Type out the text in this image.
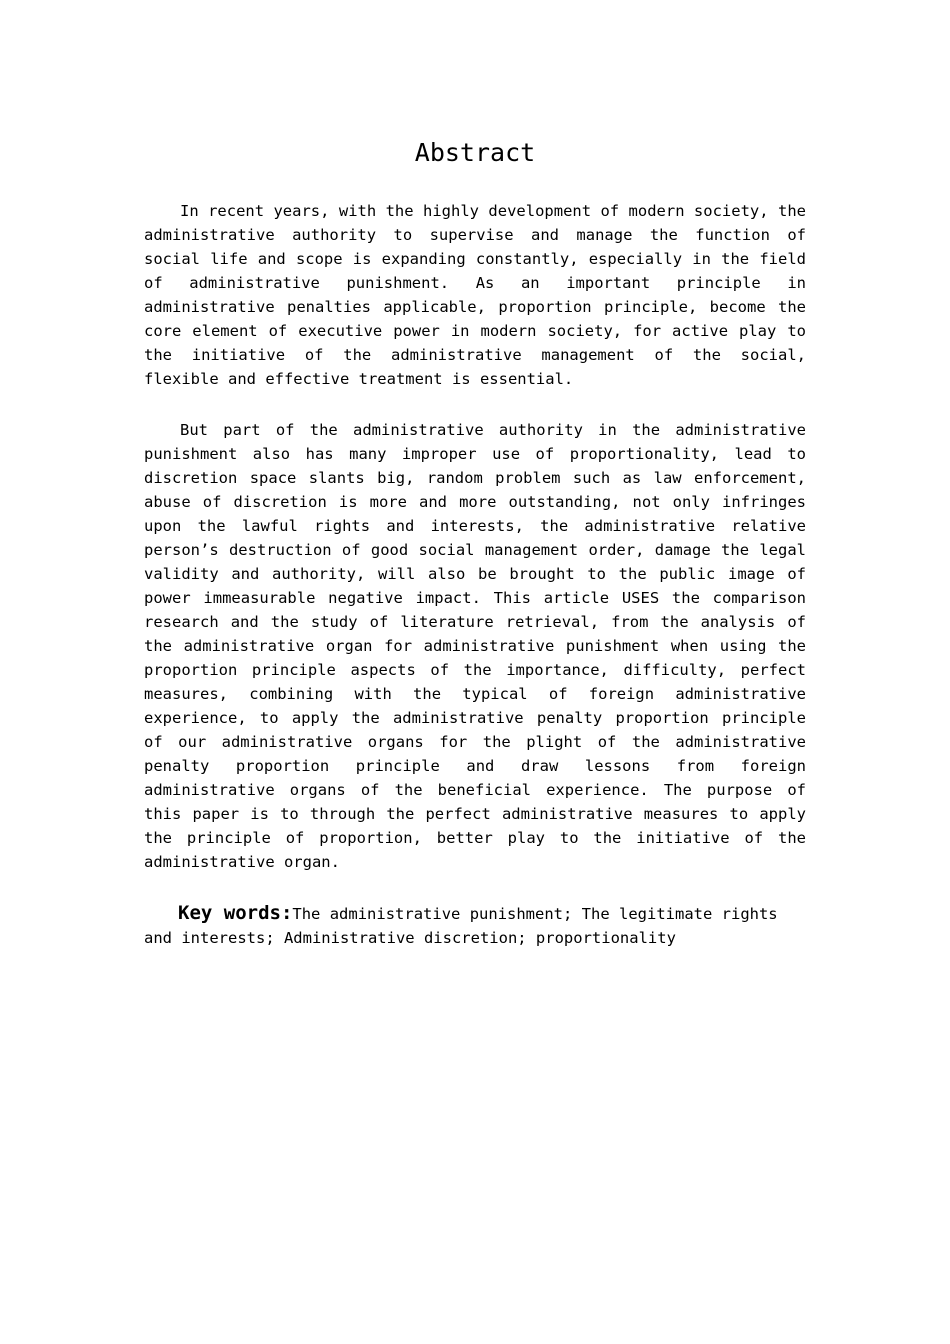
Abstract

In recent years, with the highly development of modern society, the administrative authority to supervise and manage the function of social life and scope is expanding constantly, especially in the field of administrative punishment. As an important principle in administrative penalties applicable, proportion principle, become the core element of executive power in modern society, for active play to the initiative of the administrative management of the social, flexible and effective treatment is essential.

But part of the administrative authority in the administrative punishment also has many improper use of proportionality, lead to discretion space slants big, random problem such as law enforcement, abuse of discretion is more and more outstanding, not only infringes upon the lawful rights and interests, the administrative relative person’s destruction of good social management order, damage the legal validity and authority, will also be brought to the public image of power immeasurable negative impact. This article USES the comparison research and the study of literature retrieval, from the analysis of the administrative organ for administrative punishment when using the proportion principle aspects of the importance, difficulty, perfect measures, combining with the typical of foreign administrative experience, to apply the administrative penalty proportion principle of our administrative organs for the plight of the administrative penalty proportion principle and draw lessons from foreign administrative organs of the beneficial experience. The purpose of this paper is to through the perfect administrative measures to apply the principle of proportion, better play to the initiative of the administrative organ.

Key words:The administrative punishment; The legitimate rights and interests; Administrative discretion; proportionality
